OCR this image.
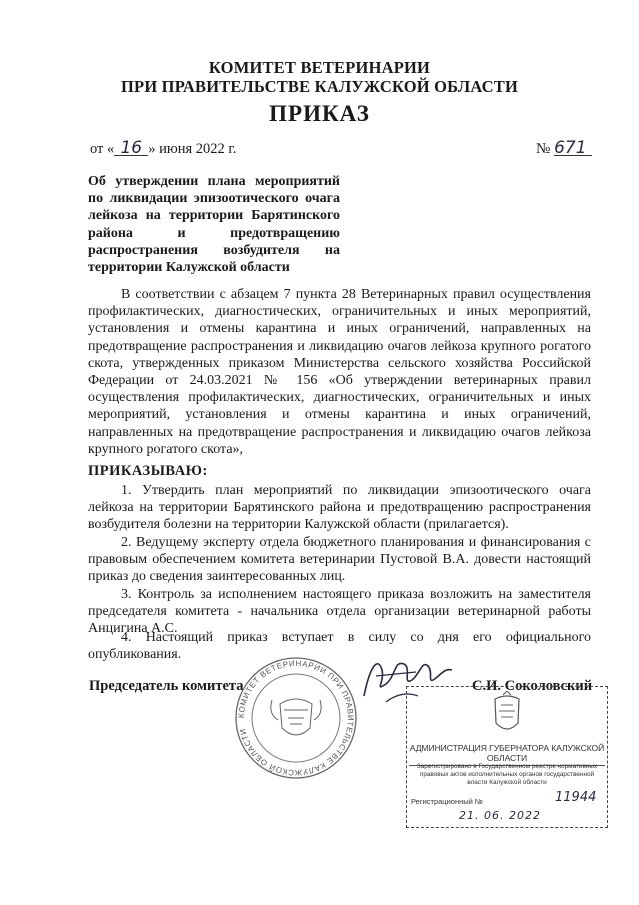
КОМИТЕТ ВЕТЕРИНАРИИ
ПРИ ПРАВИТЕЛЬСТВЕ КАЛУЖСКОЙ ОБЛАСТИ
ПРИКАЗ
от « 16 » июня 2022 г.	№ 671
Об утверждении плана мероприятий по ликвидации эпизоотического очага лейкоза на территории Барятинского района и предотвращению распространения возбудителя на территории Калужской области
В соответствии с абзацем 7 пункта 28 Ветеринарных правил осуществления профилактических, диагностических, ограничительных и иных мероприятий, установления и отмены карантина и иных ограничений, направленных на предотвращение распространения и ликвидацию очагов лейкоза крупного рогатого скота, утвержденных приказом Министерства сельского хозяйства Российской Федерации от 24.03.2021 № 156 «Об утверждении ветеринарных правил осуществления профилактических, диагностических, ограничительных и иных мероприятий, установления и отмены карантина и иных ограничений, направленных на предотвращение распространения и ликвидацию очагов лейкоза крупного рогатого скота»,
ПРИКАЗЫВАЮ:
1. Утвердить план мероприятий по ликвидации эпизоотического очага лейкоза на территории Барятинского района и предотвращению распространения возбудителя болезни на территории Калужской области (прилагается).
2. Ведущему эксперту отдела бюджетного планирования и финансирования с правовым обеспечением комитета ветеринарии Пустовой В.А. довести настоящий приказ до сведения заинтересованных лиц.
3. Контроль за исполнением настоящего приказа возложить на заместителя председателя комитета - начальника отдела организации ветеринарной работы Анцигина А.С.
4. Настоящий приказ вступает в силу со дня его официального опубликования.
Председатель комитета	С.И. Соколовский
КОМИТЕТ ВЕТЕРИНАРИИ ПРИ ПРАВИТЕЛЬСТВЕ КАЛУЖСКОЙ ОБЛАСТИ
АДМИНИСТРАЦИЯ ГУБЕРНАТОРА КАЛУЖСКОЙ ОБЛАСТИ
Зарегистрировано в Государственном реестре нормативных правовых актов исполнительных органов государственной власти Калужской области
Регистрационный №	11944
21. 06. 2022
